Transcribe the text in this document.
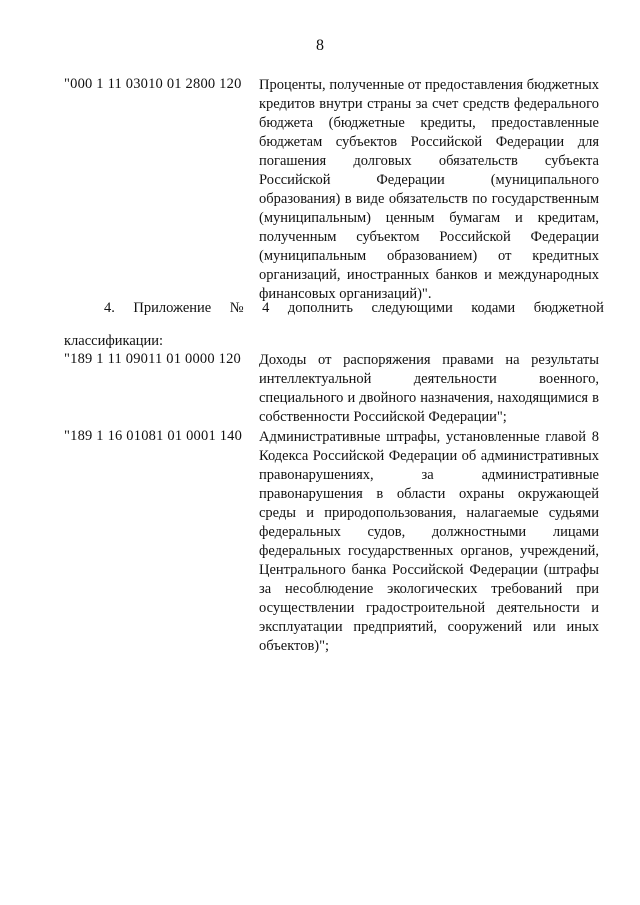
8
"000 1 11 03010 01 2800 120 Проценты, полученные от предоставления бюджетных кредитов внутри страны за счет средств федерального бюджета (бюджетные кредиты, предоставленные бюджетам субъектов Российской Федерации для погашения долговых обязательств субъекта Российской Федерации (муниципального образования) в виде обязательств по государственным (муниципальным) ценным бумагам и кредитам, полученным субъектом Российской Федерации (муниципальным образованием) от кредитных организаций, иностранных банков и международных финансовых организаций)".
4. Приложение № 4 дополнить следующими кодами бюджетной
классификации:
"189 1 11 09011 01 0000 120 Доходы от распоряжения правами на результаты интеллектуальной деятельности военного, специального и двойного назначения, находящимися в собственности Российской Федерации";
"189 1 16 01081 01 0001 140 Административные штрафы, установленные главой 8 Кодекса Российской Федерации об административных правонарушениях, за административные правонарушения в области охраны окружающей среды и природопользования, налагаемые судьями федеральных судов, должностными лицами федеральных государственных органов, учреждений, Центрального банка Российской Федерации (штрафы за несоблюдение экологических требований при осуществлении градостроительной деятельности и эксплуатации предприятий, сооружений или иных объектов)";
